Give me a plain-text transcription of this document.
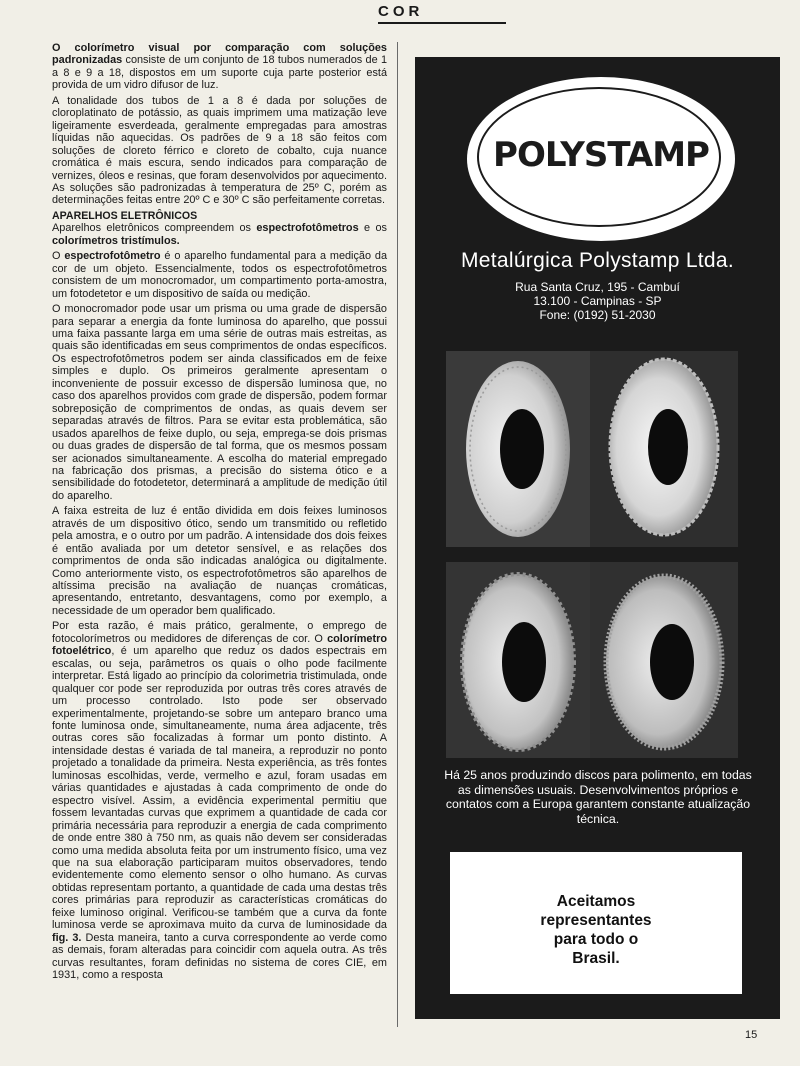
COR

O colorímetro visual por comparação com soluções padronizadas consiste de um conjunto de 18 tubos numerados de 1 a 8 e 9 a 18, dispostos em um suporte cuja parte posterior está provida de um vidro difusor de luz.

A tonalidade dos tubos de 1 a 8 é dada por soluções de cloroplatinato de potássio, as quais imprimem uma matização leve ligeiramente esverdeada, geralmente empregadas para amostras líquidas não aquecidas. Os padrões de 9 a 18 são feitos com soluções de cloreto férrico e cloreto de cobalto, cuja nuance cromática é mais escura, sendo indicados para comparação de vernizes, óleos e resinas, que foram desenvolvidos por aquecimento. As soluções são padronizadas à temperatura de 25º C, porém as determinações feitas entre 20º C e 30º C são perfeitamente corretas.

APARELHOS ELETRÔNICOS

Aparelhos eletrônicos compreendem os espectrofotômetros e os colorímetros tristímulos.

O espectrofotômetro é o aparelho fundamental para a medição da cor de um objeto. Essencialmente, todos os espectrofotômetros consistem de um monocromador, um compartimento porta-amostra, um fotodetetor e um dispositivo de saída ou medição.

O monocromador pode usar um prisma ou uma grade de dispersão para separar a energia da fonte luminosa do aparelho, que possui uma faixa passante larga em uma série de outras mais estreitas, as quais são identificadas em seus comprimentos de ondas específicos. Os espectrofotômetros podem ser ainda classificados em de feixe simples e duplo. Os primeiros geralmente apresentam o inconveniente de possuir excesso de dispersão luminosa que, no caso dos aparelhos providos com grade de dispersão, podem formar sobreposição de comprimentos de ondas, as quais devem ser separadas através de filtros. Para se evitar esta problemática, são usados aparelhos de feixe duplo, ou seja, emprega-se dois prismas ou duas grades de dispersão de tal forma, que os mesmos possam ser acionados simultaneamente. A escolha do material empregado na fabricação dos prismas, a precisão do sistema ótico e a sensibilidade do fotodetetor, determinará a amplitude de medição útil do aparelho.

A faixa estreita de luz é então dividida em dois feixes luminosos através de um dispositivo ótico, sendo um transmitido ou refletido pela amostra, e o outro por um padrão. A intensidade dos dois feixes é então avaliada por um detetor sensível, e as relações dos comprimentos de onda são indicadas analógica ou digitalmente. Como anteriormente visto, os espectrofotômetros são aparelhos de altíssima precisão na avaliação de nuanças cromáticas, apresentando, entretanto, desvantagens, como por exemplo, a necessidade de um operador bem qualificado.

Por esta razão, é mais prático, geralmente, o emprego de fotocolorímetros ou medidores de diferenças de cor. O colorímetro fotoelétrico, é um aparelho que reduz os dados espectrais em escalas, ou seja, parâmetros os quais o olho pode facilmente interpretar. Está ligado ao princípio da colorimetria tristimulada, onde qualquer cor pode ser reproduzida por outras três cores através de um processo controlado. Isto pode ser observado experimentalmente, projetando-se sobre um anteparo branco uma fonte luminosa onde, simultaneamente, numa área adjacente, três outras cores são focalizadas à formar um ponto distinto. A intensidade destas é variada de tal maneira, a reproduzir no ponto projetado a tonalidade da primeira. Nesta experiência, as três fontes luminosas escolhidas, verde, vermelho e azul, foram usadas em várias quantidades e ajustadas à cada comprimento de onde do espectro visível. Assim, a evidência experimental permitiu que fossem levantadas curvas que exprimem a quantidade de cada cor primária necessária para reproduzir a energia de cada comprimento de onde entre 380 à 750 nm, as quais não devem ser consideradas como uma medida absoluta feita por um instrumento físico, uma vez que na sua elaboração participaram muitos observadores, tendo evidentemente como elemento sensor o olho humano. As curvas obtidas representam portanto, a quantidade de cada uma destas três cores primárias para reproduzir as características cromáticas do feixe luminoso original. Verificou-se também que a curva da fonte luminosa verde se aproximava muito da curva de luminosidade da fig. 3. Desta maneira, tanto a curva correspondente ao verde como as demais, foram alteradas para coincidir com aquela outra. As três curvas resultantes, foram definidas no sistema de cores CIE, em 1931, como a resposta

POLYSTAMP
Metalúrgica Polystamp Ltda.
Rua Santa Cruz, 195 - Cambuí
13.100 - Campinas - SP
Fone: (0192) 51-2030
Há 25 anos produzindo discos para polimento, em todas as dimensões usuais. Desenvolvimentos próprios e contatos com a Europa garantem constante atualização técnica.
Aceitamos
representantes
para todo o
Brasil.
15
